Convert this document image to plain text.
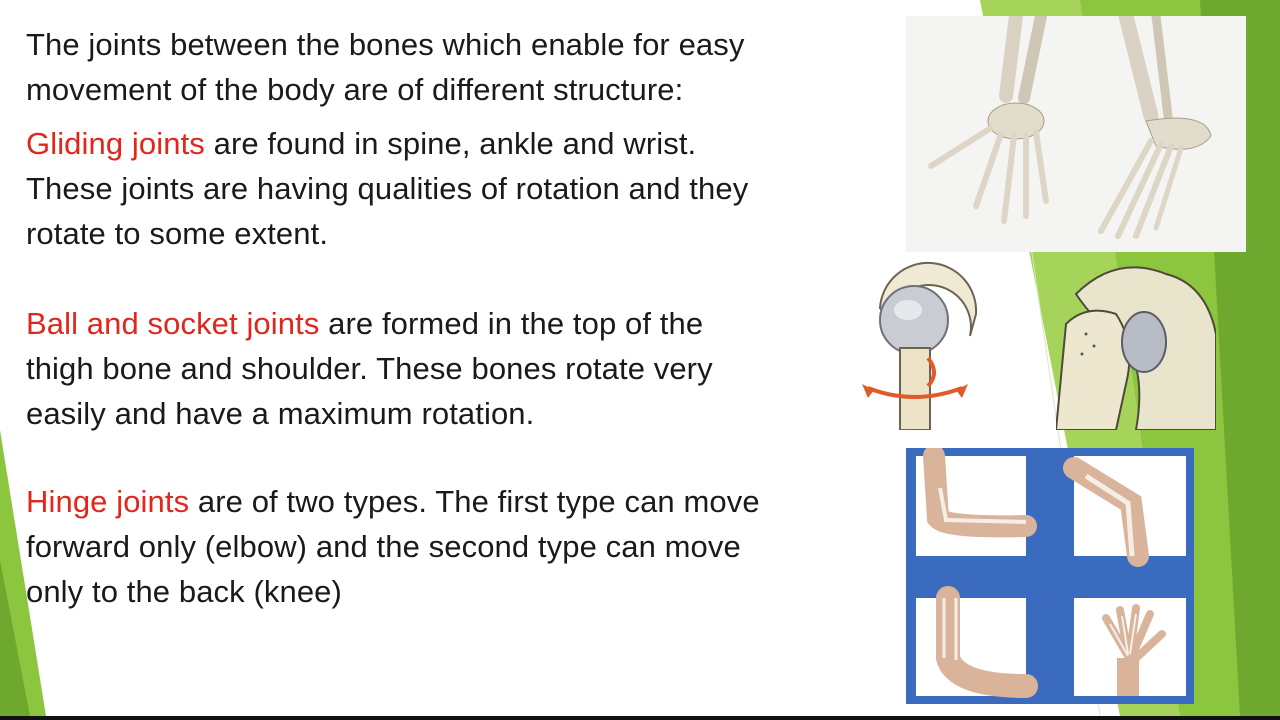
The joints between the bones which enable for easy
movement of the body are of different structure:
Gliding joints are found in spine, ankle and wrist.
These joints are having qualities of rotation and they
rotate to some extent.
Ball and socket joints are formed in the top of the
thigh bone and shoulder. These bones rotate very
easily and have a maximum rotation.
Hinge joints are of two types. The first type can move
forward only (elbow) and the second type can move
only to the back (knee)
